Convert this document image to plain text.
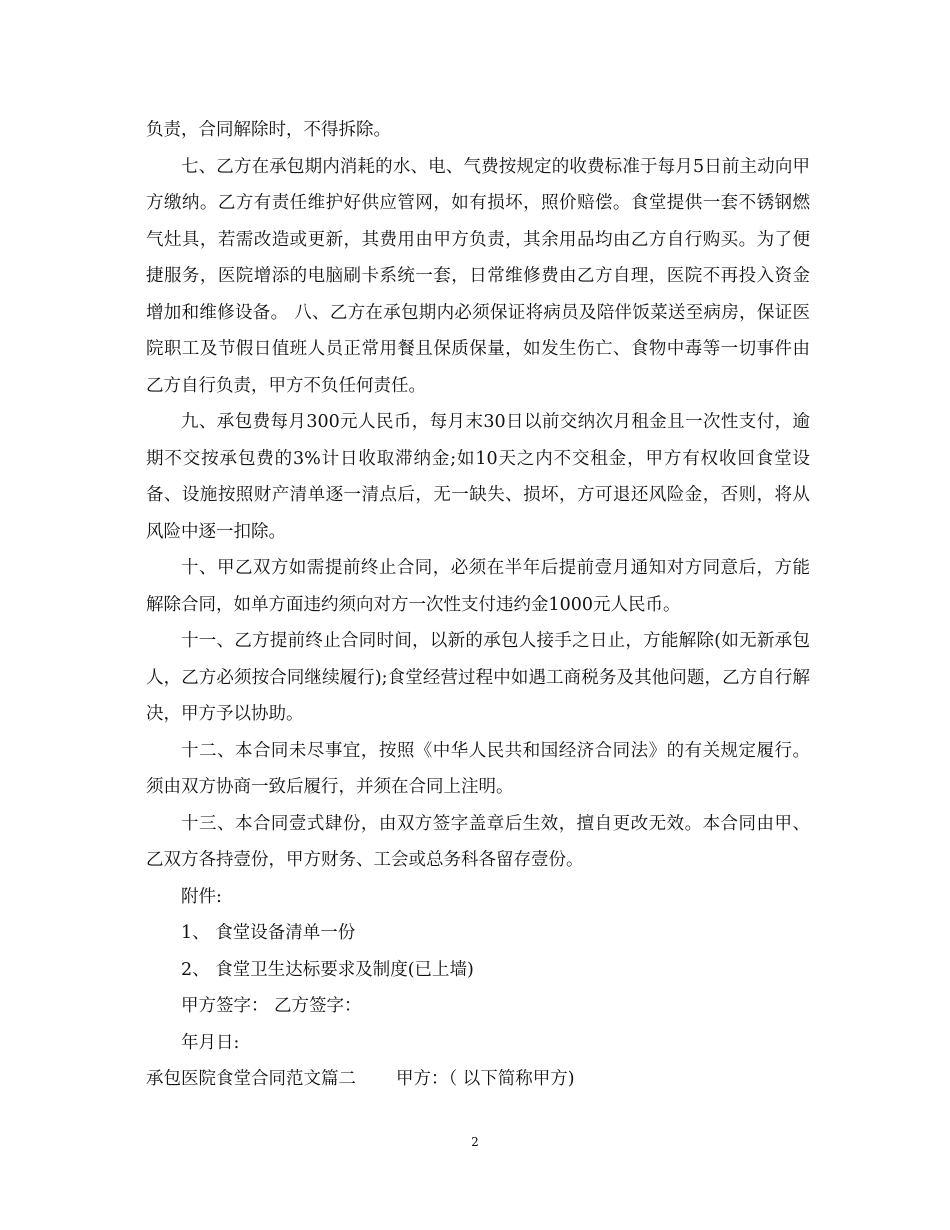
负责，合同解除时，不得拆除。

七、乙方在承包期内消耗的水、电、气费按规定的收费标准于每月5日前主动向甲方缴纳。乙方有责任维护好供应管网，如有损坏，照价赔偿。食堂提供一套不锈钢燃气灶具，若需改造或更新，其费用由甲方负责，其余用品均由乙方自行购买。为了便捷服务，医院增添的电脑刷卡系统一套，日常维修费由乙方自理，医院不再投入资金增加和维修设备。 八、乙方在承包期内必须保证将病员及陪伴饭菜送至病房，保证医院职工及节假日值班人员正常用餐且保质保量，如发生伤亡、食物中毒等一切事件由乙方自行负责，甲方不负任何责任。

九、承包费每月300元人民币，每月末30日以前交纳次月租金且一次性支付，逾期不交按承包费的3%计日收取滞纳金;如10天之内不交租金，甲方有权收回食堂设备、设施按照财产清单逐一清点后，无一缺失、损坏，方可退还风险金，否则，将从风险中逐一扣除。

十、甲乙双方如需提前终止合同，必须在半年后提前壹月通知对方同意后，方能解除合同，如单方面违约须向对方一次性支付违约金1000元人民币。

十一、乙方提前终止合同时间，以新的承包人接手之日止，方能解除(如无新承包人，乙方必须按合同继续履行);食堂经营过程中如遇工商税务及其他问题，乙方自行解决，甲方予以协助。

十二、本合同未尽事宜，按照《中华人民共和国经济合同法》的有关规定履行。须由双方协商一致后履行，并须在合同上注明。

十三、本合同壹式肆份，由双方签字盖章后生效，擅自更改无效。本合同由甲、乙双方各持壹份，甲方财务、工会或总务科各留存壹份。

附件:

1、 食堂设备清单一份

2、 食堂卫生达标要求及制度(已上墙)

甲方签字： 乙方签字：

年月日:

承包医院食堂合同范文篇二 甲方：（ 以下简称甲方)

2
